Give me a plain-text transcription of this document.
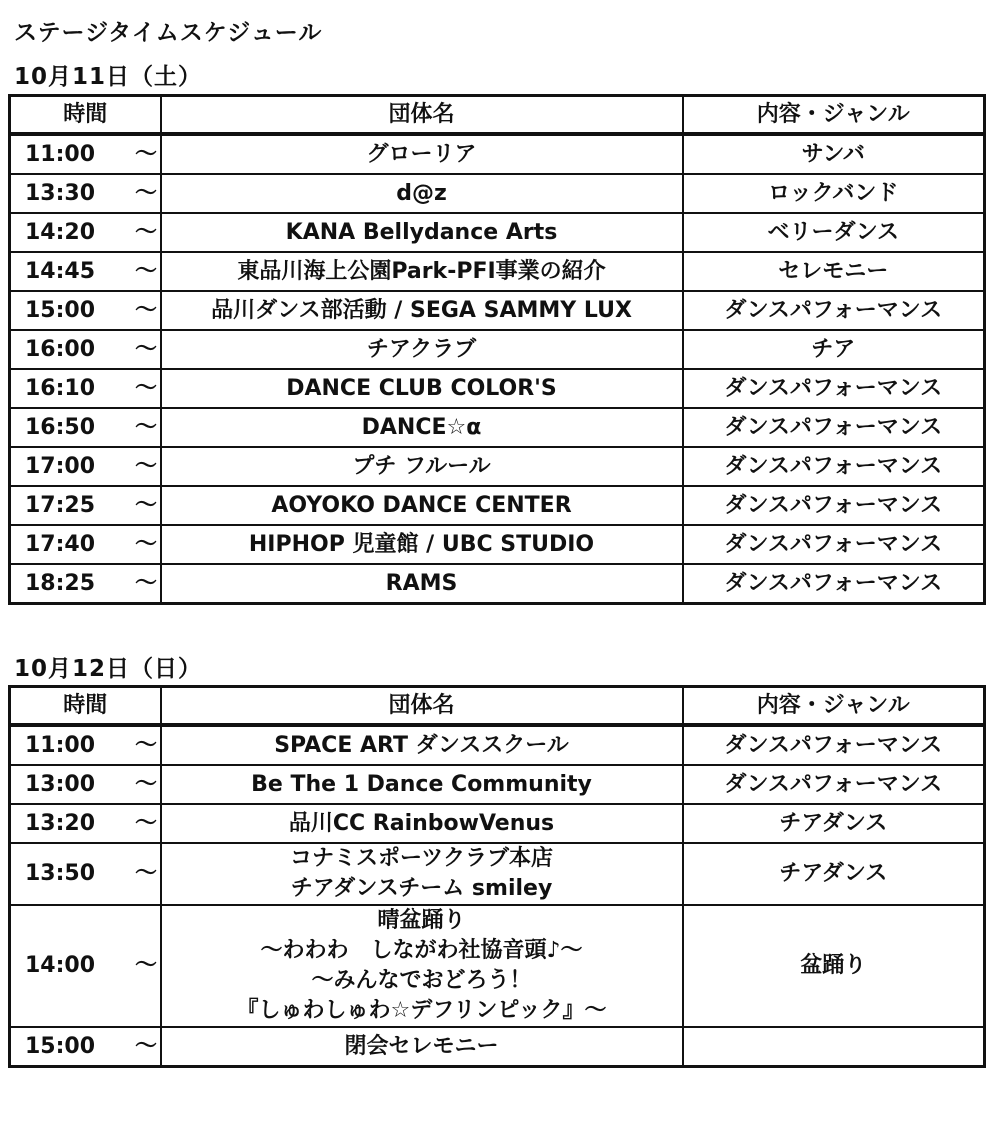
ステージタイムスケジュール
10月11日（土）
時間	団体名	内容・ジャンル
11:00 ～	グローリア	サンバ
13:30 ～	d@z	ロックバンド
14:20 ～	KANA Bellydance Arts	ベリーダンス
14:45 ～	東品川海上公園Park-PFI事業の紹介	セレモニー
15:00 ～	品川ダンス部活動 / SEGA SAMMY LUX	ダンスパフォーマンス
16:00 ～	チアクラブ	チア
16:10 ～	DANCE CLUB COLOR'S	ダンスパフォーマンス
16:50 ～	DANCE☆α	ダンスパフォーマンス
17:00 ～	プチ フルール	ダンスパフォーマンス
17:25 ～	AOYOKO DANCE CENTER	ダンスパフォーマンス
17:40 ～	HIPHOP 児童館 / UBC STUDIO	ダンスパフォーマンス
18:25 ～	RAMS	ダンスパフォーマンス
10月12日（日）
時間	団体名	内容・ジャンル
11:00 ～	SPACE ART ダンススクール	ダンスパフォーマンス
13:00 ～	Be The 1 Dance Community	ダンスパフォーマンス
13:20 ～	品川CC RainbowVenus	チアダンス
13:50 ～	コナミスポーツクラブ本店
チアダンスチーム smiley	チアダンス
14:00 ～	晴盆踊り
～わわわ　しながわ社協音頭♪～
～みんなでおどろう！
『しゅわしゅわ☆デフリンピック』～	盆踊り
15:00 ～	閉会セレモニー	
